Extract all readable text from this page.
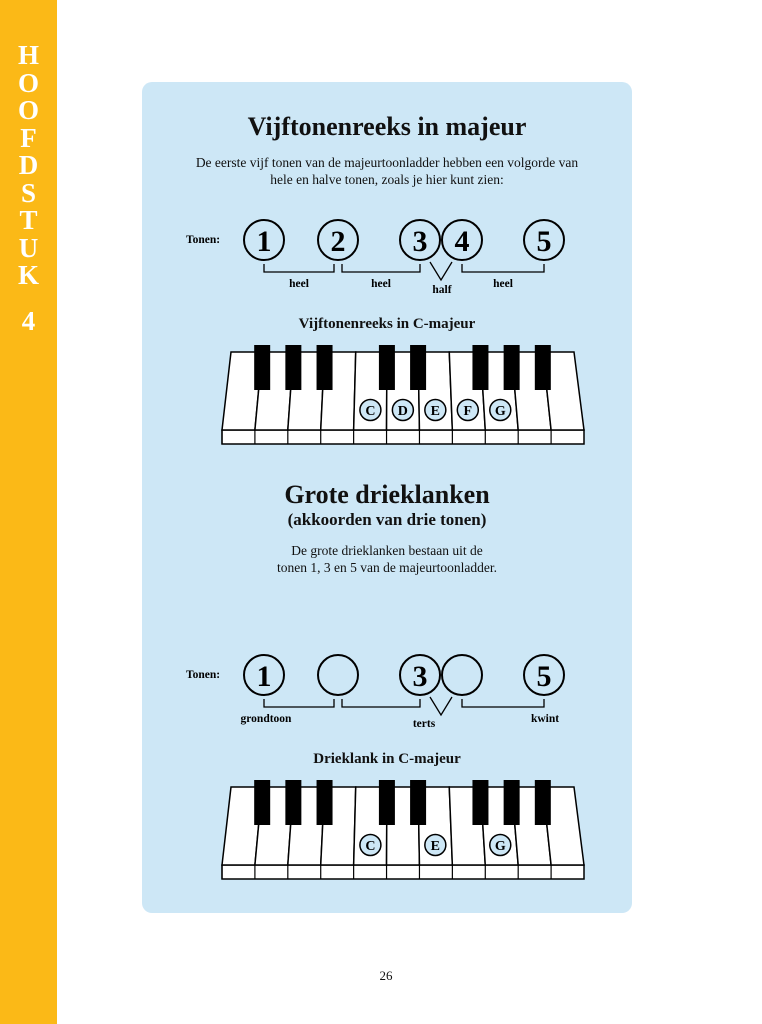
H
O
O
F
D
S
T
U
K
4
Vijftonenreeks in majeur
De eerste vijf tonen van de majeurtoonladder hebben een volgorde van
hele en halve tonen, zoals je hier kunt zien:
Tonen: 1 2 3 4 5
heel	heel	half	heel
Vijftonenreeks in C-majeur
C D E F G
Grote drieklanken
(akkoorden van drie tonen)
De grote drieklanken bestaan uit de
tonen 1, 3 en 5 van de majeurtoonladder.
Tonen: 1	3	5
grondtoon	terts	kwint
Drieklank in C-majeur
C	E	G
26
